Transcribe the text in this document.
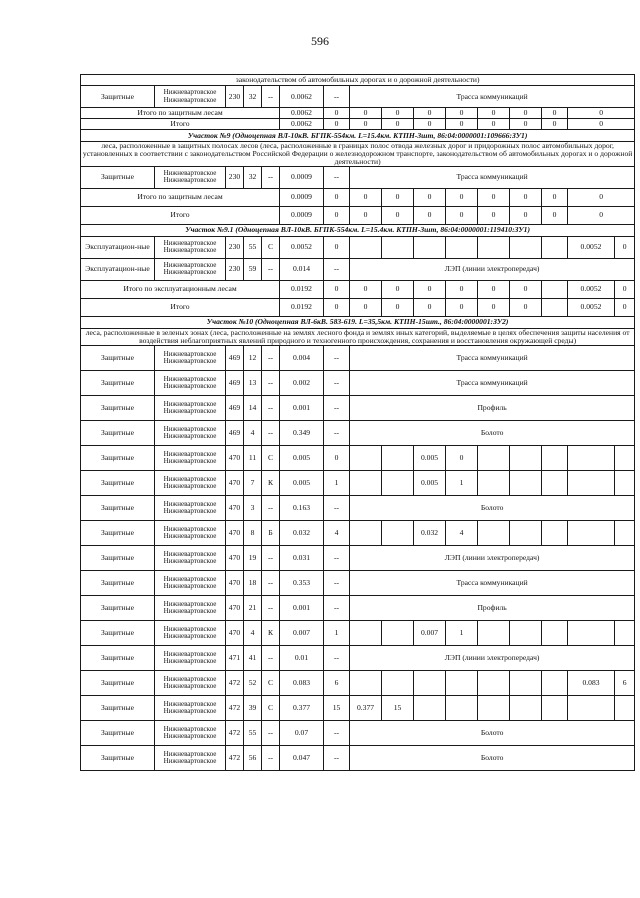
596
законодательством об автомобильных дорогах и о дорожной деятельности)															
Защитные	Нижневартовское Нижневартовское	230	32	--	0.0062	--	Трасса коммуникаций								
Итого по защитным лесам					0.0062	0	0	0	0	0	0	0	0	0	
Итого					0.0062	0	0	0	0	0	0	0	0	0	
Участок №9 (Одноцепная ВЛ-10кВ. БГПК-554км. L=15.4км. КТПН-3шт, 86:04:0000001:109666:ЗУ1)															
леса, расположенные в защитных полосах лесов (леса, расположенные в границах полос отвода железных дорог и придорожных полос автомобильных дорог, установленных в соответствии с законодательством Российской Федерации о железнодорожном транспорте, законодательством об автомобильных дорогах и о дорожной деятельности)															
Защитные	Нижневартовское Нижневартовское	230	32	--	0.0009	--	Трасса коммуникаций								
Итого по защитным лесам					0.0009	0	0	0	0	0	0	0	0	0	
Итого					0.0009	0	0	0	0	0	0	0	0	0	
Участок №9.1 (Одноцепная ВЛ-10кВ. БГПК-554км. L=15.4км. КТПН-3шт, 86:04:0000001:119410:ЗУ1)															
Эксплуатацион-ные	Нижневартовское Нижневартовское	230	55	С	0.0052	0								0.0052	0
Эксплуатацион-ные	Нижневартовское Нижневартовское	230	59	--	0.014	--	ЛЭП (линии электропередач)								
Итого по эксплуатационным лесам					0.0192	0	0	0	0	0	0	0		0.0052	0
Итого					0.0192	0	0	0	0	0	0	0		0.0052	0
Участок №10 (Одноцепная ВЛ-6кВ. 583-619. L=35,5км. КТПН-15шт., 86:04:0000001:ЗУ2)															
леса, расположенные в зеленых зонах (леса, расположенные на землях лесного фонда и землях иных категорий, выделяемые в целях обеспечения защиты населения от воздействия неблагоприятных явлений природного и техногенного происхождения, сохранения и восстановления окружающей среды)															
Защитные	Нижневартовское Нижневартовское	469	12	--	0.004	--	Трасса коммуникаций								
Защитные	Нижневартовское Нижневартовское	469	13	--	0.002	--	Трасса коммуникаций								
Защитные	Нижневартовское Нижневартовское	469	14	--	0.001	--	Профиль								
Защитные	Нижневартовское Нижневартовское	469	4	--	0.349	--	Болото								
Защитные	Нижневартовское Нижневартовское	470	11	С	0.005	0			0.005	0					
Защитные	Нижневартовское Нижневартовское	470	7	К	0.005	1			0.005	1					
Защитные	Нижневартовское Нижневартовское	470	3	--	0.163	--	Болото								
Защитные	Нижневартовское Нижневартовское	470	8	Б	0.032	4			0.032	4					
Защитные	Нижневартовское Нижневартовское	470	19	--	0.031	--	ЛЭП (линии электропередач)								
Защитные	Нижневартовское Нижневартовское	470	18	--	0.353	--	Трасса коммуникаций								
Защитные	Нижневартовское Нижневартовское	470	21	--	0.001	--	Профиль								
Защитные	Нижневартовское Нижневартовское	470	4	К	0.007	1			0.007	1					
Защитные	Нижневартовское Нижневартовское	471	41	--	0.01	--	ЛЭП (линии электропередач)								
Защитные	Нижневартовское Нижневартовское	472	52	С	0.083	6								0.083	6
Защитные	Нижневартовское Нижневартовское	472	39	С	0.377	15	0.377	15							
Защитные	Нижневартовское Нижневартовское	472	55	--	0.07	--	Болото								
Защитные	Нижневартовское Нижневартовское	472	56	--	0.047	--	Болото								
